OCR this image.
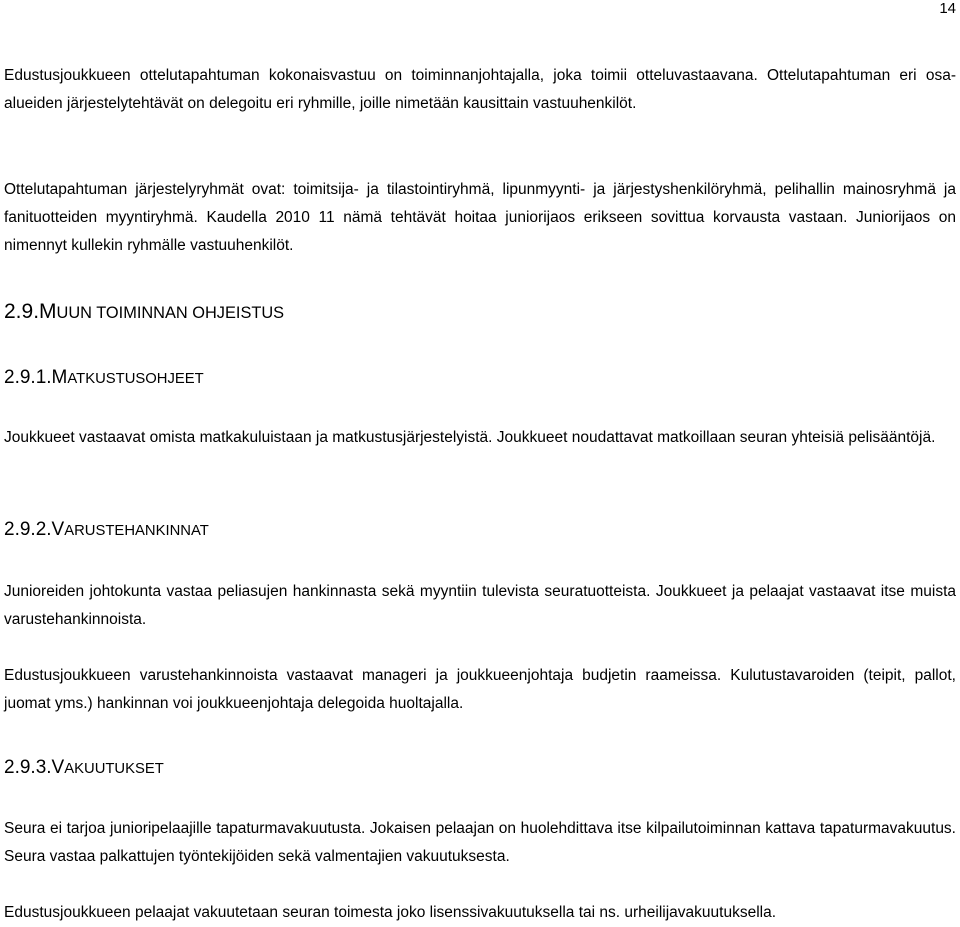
14
Edustusjoukkueen ottelutapahtuman kokonaisvastuu on toiminnanjohtajalla, joka toimii otteluvastaavana. Ottelutapahtuman eri osa-alueiden järjestelytehtävät on delegoitu eri ryhmille, joille nimetään kausittain vastuuhenkilöt.
Ottelutapahtuman järjestelyryhmät ovat: toimitsija- ja tilastointiryhmä, lipunmyynti- ja järjestyshenkilöryhmä, pelihallin mainosryhmä ja fanituotteiden myyntiryhmä. Kaudella 2010 11 nämä tehtävät hoitaa juniorijaos erikseen sovittua korvausta vastaan. Juniorijaos on nimennyt kullekin ryhmälle vastuuhenkilöt.
2.9.MUUN TOIMINNAN OHJEISTUS
2.9.1.MATKUSTUSOHJEET
Joukkueet vastaavat omista matkakuluistaan ja matkustusjärjestelyistä. Joukkueet noudattavat matkoillaan seuran yhteisiä pelisääntöjä.
2.9.2.VARUSTEHANKINNAT
Junioreiden johtokunta vastaa peliasujen hankinnasta sekä myyntiin tulevista seuratuotteista. Joukkueet ja pelaajat vastaavat itse muista varustehankinnoista.
Edustusjoukkueen varustehankinnoista vastaavat manageri ja joukkueenjohtaja budjetin raameissa. Kulutustavaroiden (teipit, pallot, juomat yms.) hankinnan voi joukkueenjohtaja delegoida huoltajalla.
2.9.3.VAKUUTUKSET
Seura ei tarjoa junioripelaajille tapaturmavakuutusta. Jokaisen pelaajan on huolehdittava itse kilpailutoiminnan kattava tapaturmavakuutus. Seura vastaa palkattujen työntekijöiden sekä valmentajien vakuutuksesta.
Edustusjoukkueen pelaajat vakuutetaan seuran toimesta joko lisenssivakuutuksella tai ns. urheilijavakuutuksella.
